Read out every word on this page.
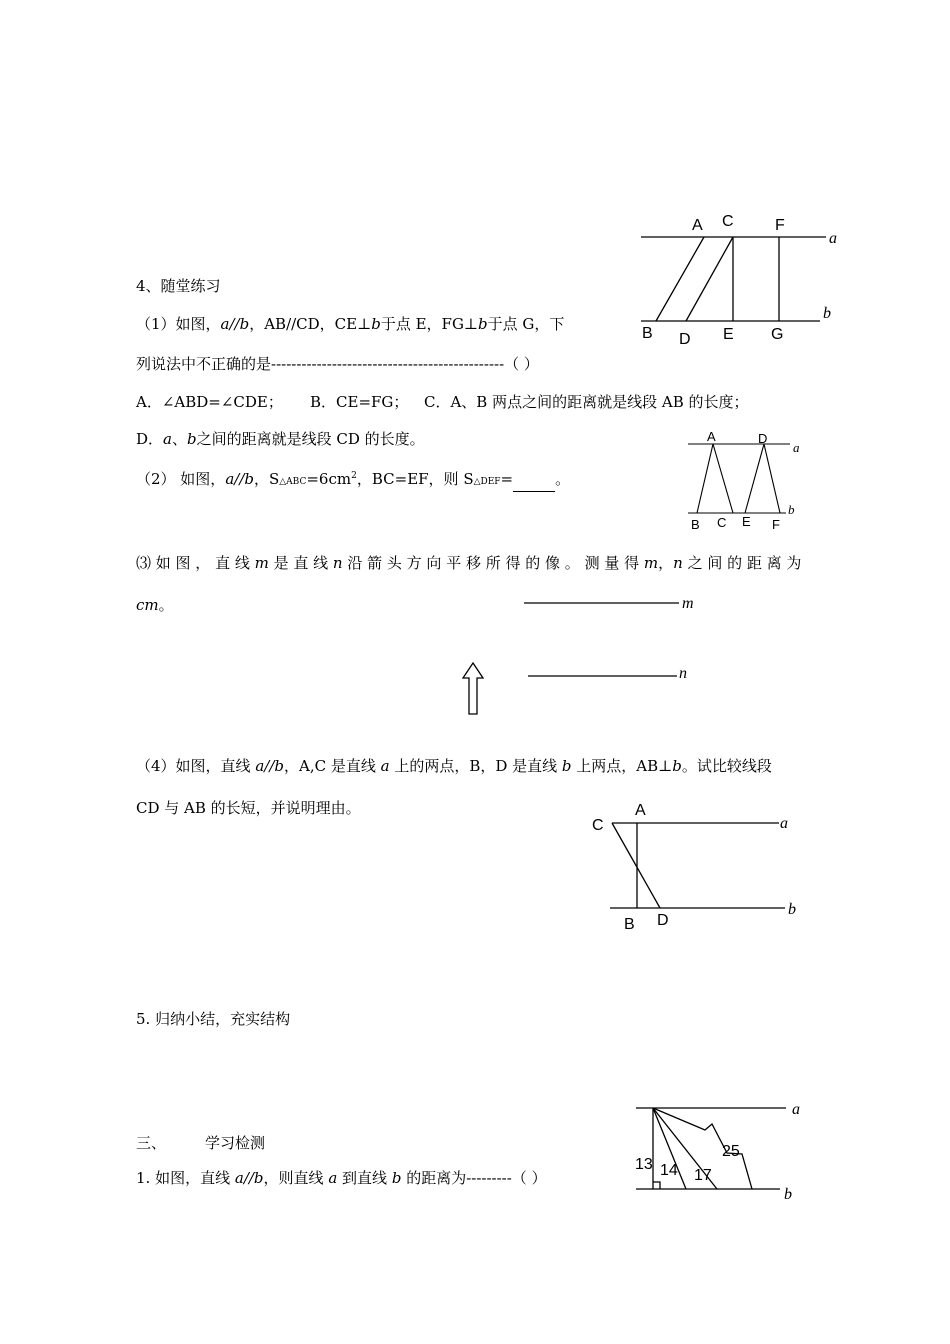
4、随堂练习
（1）如图，a//b，AB//CD，CE⊥b于点 E，FG⊥b于点 G，下
列说法中不正确的是----------------------------------------------（ ）
A．∠ABD=∠CDE； B．CE=FG； C．A、B 两点之间的距离就是线段 AB 的长度；
D．a、b之间的距离就是线段 CD 的长度。
A C	F
a
b
B D E G
（2） 如图，a//b，$S\triangle ABC=6cm^2$，BC=EF，则 S△DEF=	。
A	D
a
B C E F
b
⑶ 如 图 ， 直 线 m 是 直 线 n 沿 箭 头 方 向 平 移 所 得 的 像 。 测 量 得 m，n 之 间 的 距 离 为
cm。	m
n
（4）如图，直线 a//b，A,C 是直线 a 上的两点，B，D 是直线 b 上两点，AB⊥b。试比较线段
CD 与 AB 的长短，并说明理由。
C
A
a
B D
b
5. 归纳小结，充实结构
三、	学习检测
1. 如图，直线 a//b，则直线 a 到直线 b 的距离为---------（ ）
13 14 17
25
a
b
